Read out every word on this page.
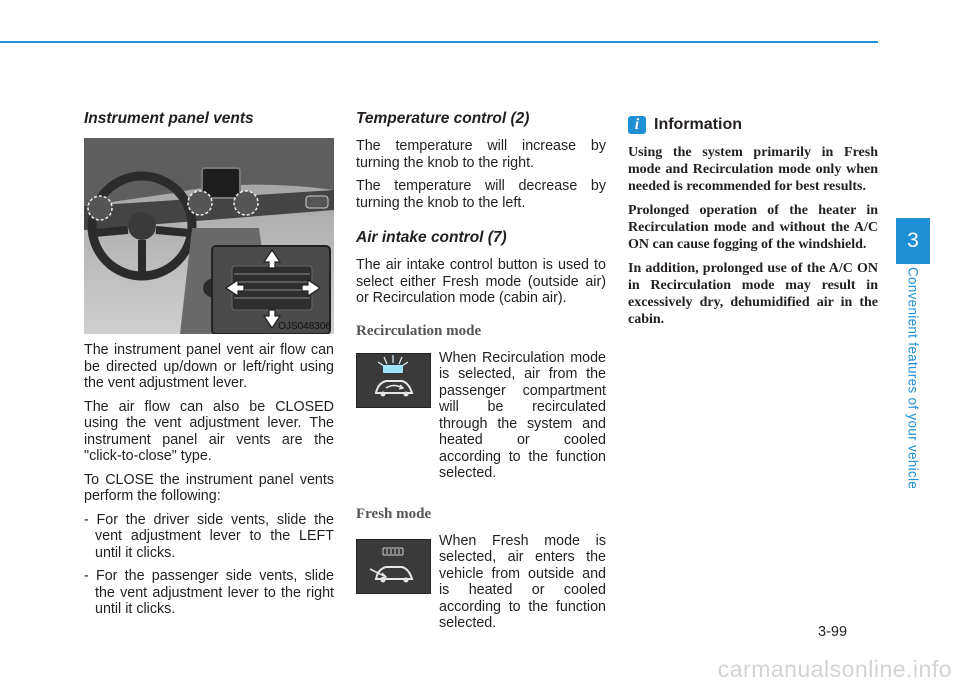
Instrument panel vents
OJS048306

The instrument panel vent air flow can be directed up/down or left/right using the vent adjustment lever.

The air flow can also be CLOSED using the vent adjustment lever. The instrument panel air vents are the "click-to-close" type.

To CLOSE the instrument panel vents perform the following:

- For the driver side vents, slide the vent adjustment lever to the LEFT until it clicks.
- For the passenger side vents, slide the vent adjustment lever to the right until it clicks.
Temperature control (2)

The temperature will increase by turning the knob to the right.

The temperature will decrease by turning the knob to the left.

Air intake control (7)

The air intake control button is used to select either Fresh mode (outside air) or Recirculation mode (cabin air).

Recirculation mode
When Recirculation mode is selected, air from the passenger compartment will be recirculated through the system and heated or cooled according to the function selected.
Fresh mode
When Fresh mode is selected, air enters the vehicle from outside and is heated or cooled according to the function selected.
i Information

Using the system primarily in Fresh mode and Recirculation mode only when needed is recommended for best results.

Prolonged operation of the heater in Recirculation mode and without the A/C ON can cause fogging of the windshield.

In addition, prolonged use of the A/C ON in Recirculation mode may result in excessively dry, dehumidified air in the cabin.

3
Convenient features of your vehicle
3-99
carmanualsonline.info
